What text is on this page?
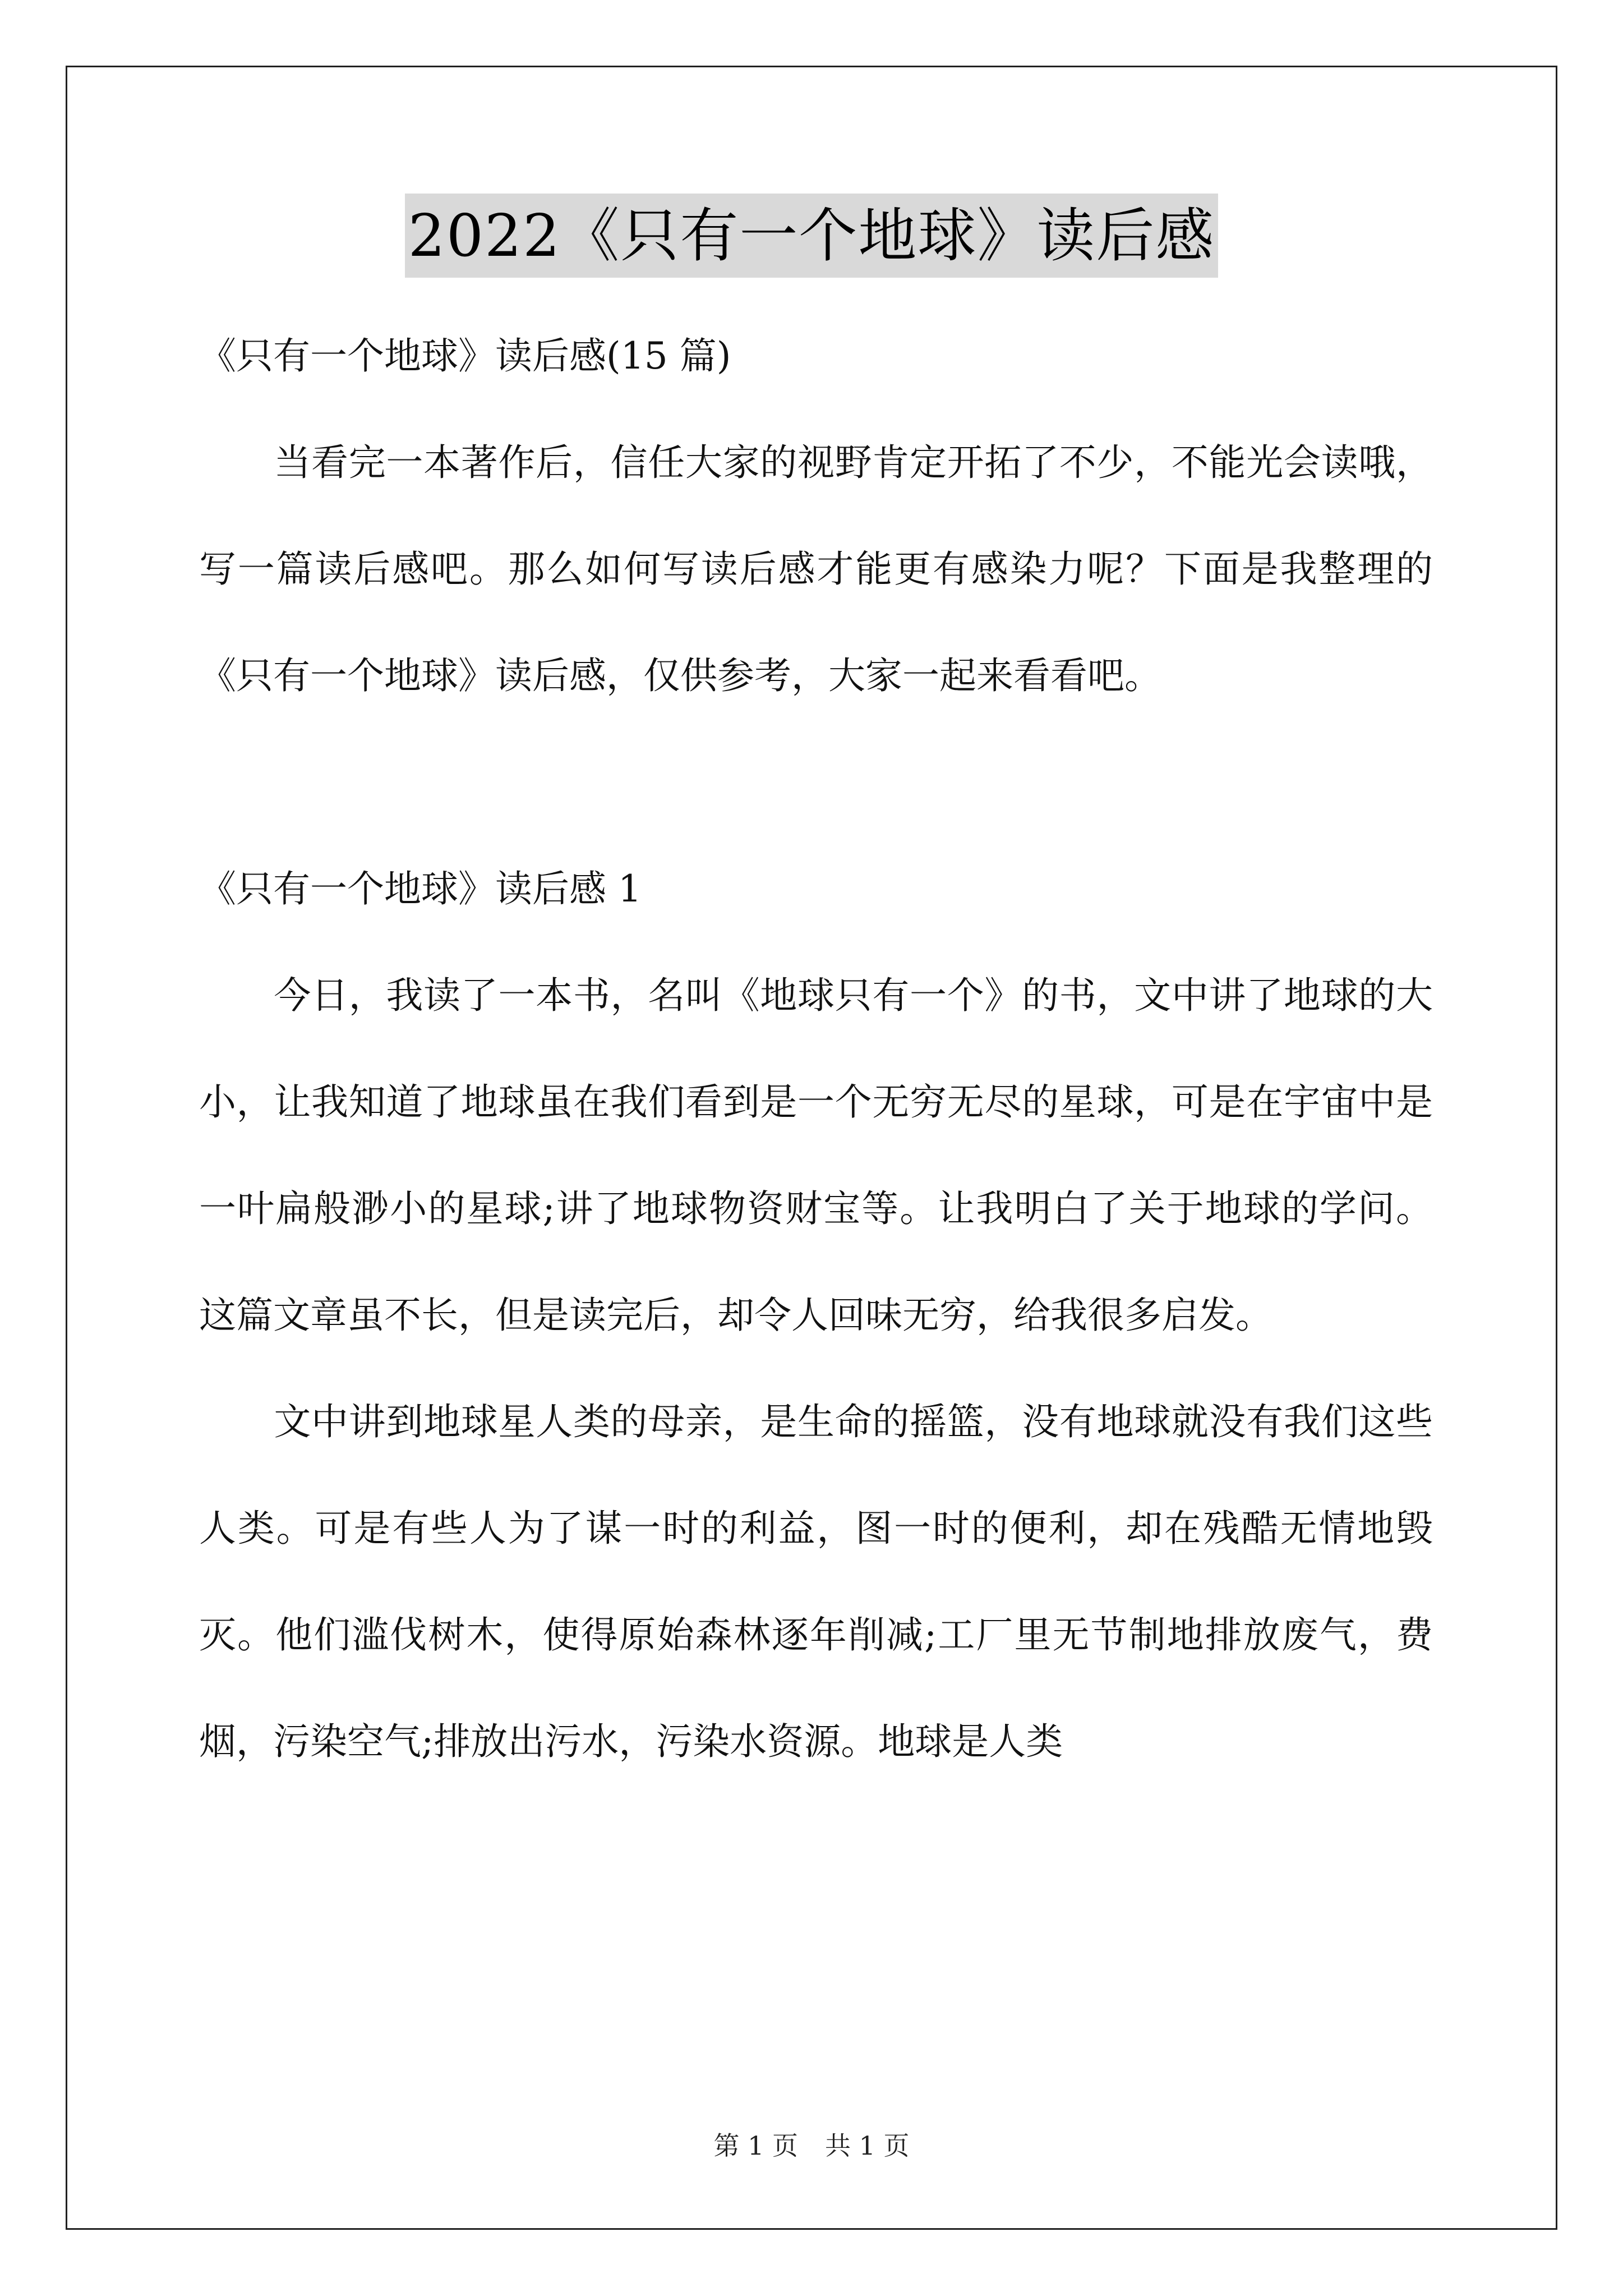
2022《只有一个地球》读后感

《只有一个地球》读后感(15 篇)

　　当看完一本著作后，信任大家的视野肯定开拓了不少，不能光会读哦，写一篇读后感吧。那么如何写读后感才能更有感染力呢？下面是我整理的《只有一个地球》读后感，仅供参考，大家一起来看看吧。

《只有一个地球》读后感 1

　　今日，我读了一本书，名叫《地球只有一个》的书，文中讲了地球的大小，让我知道了地球虽在我们看到是一个无穷无尽的星球，可是在宇宙中是一叶扁般渺小的星球;讲了地球物资财宝等。让我明白了关于地球的学问。这篇文章虽不长，但是读完后，却令人回味无穷，给我很多启发。

　　文中讲到地球星人类的母亲，是生命的摇篮，没有地球就没有我们这些人类。可是有些人为了谋一时的利益，图一时的便利，却在残酷无情地毁灭。他们滥伐树木，使得原始森林逐年削减;工厂里无节制地排放废气，费烟，污染空气;排放出污水，污染水资源。地球是人类

第 1 页 共 1 页
